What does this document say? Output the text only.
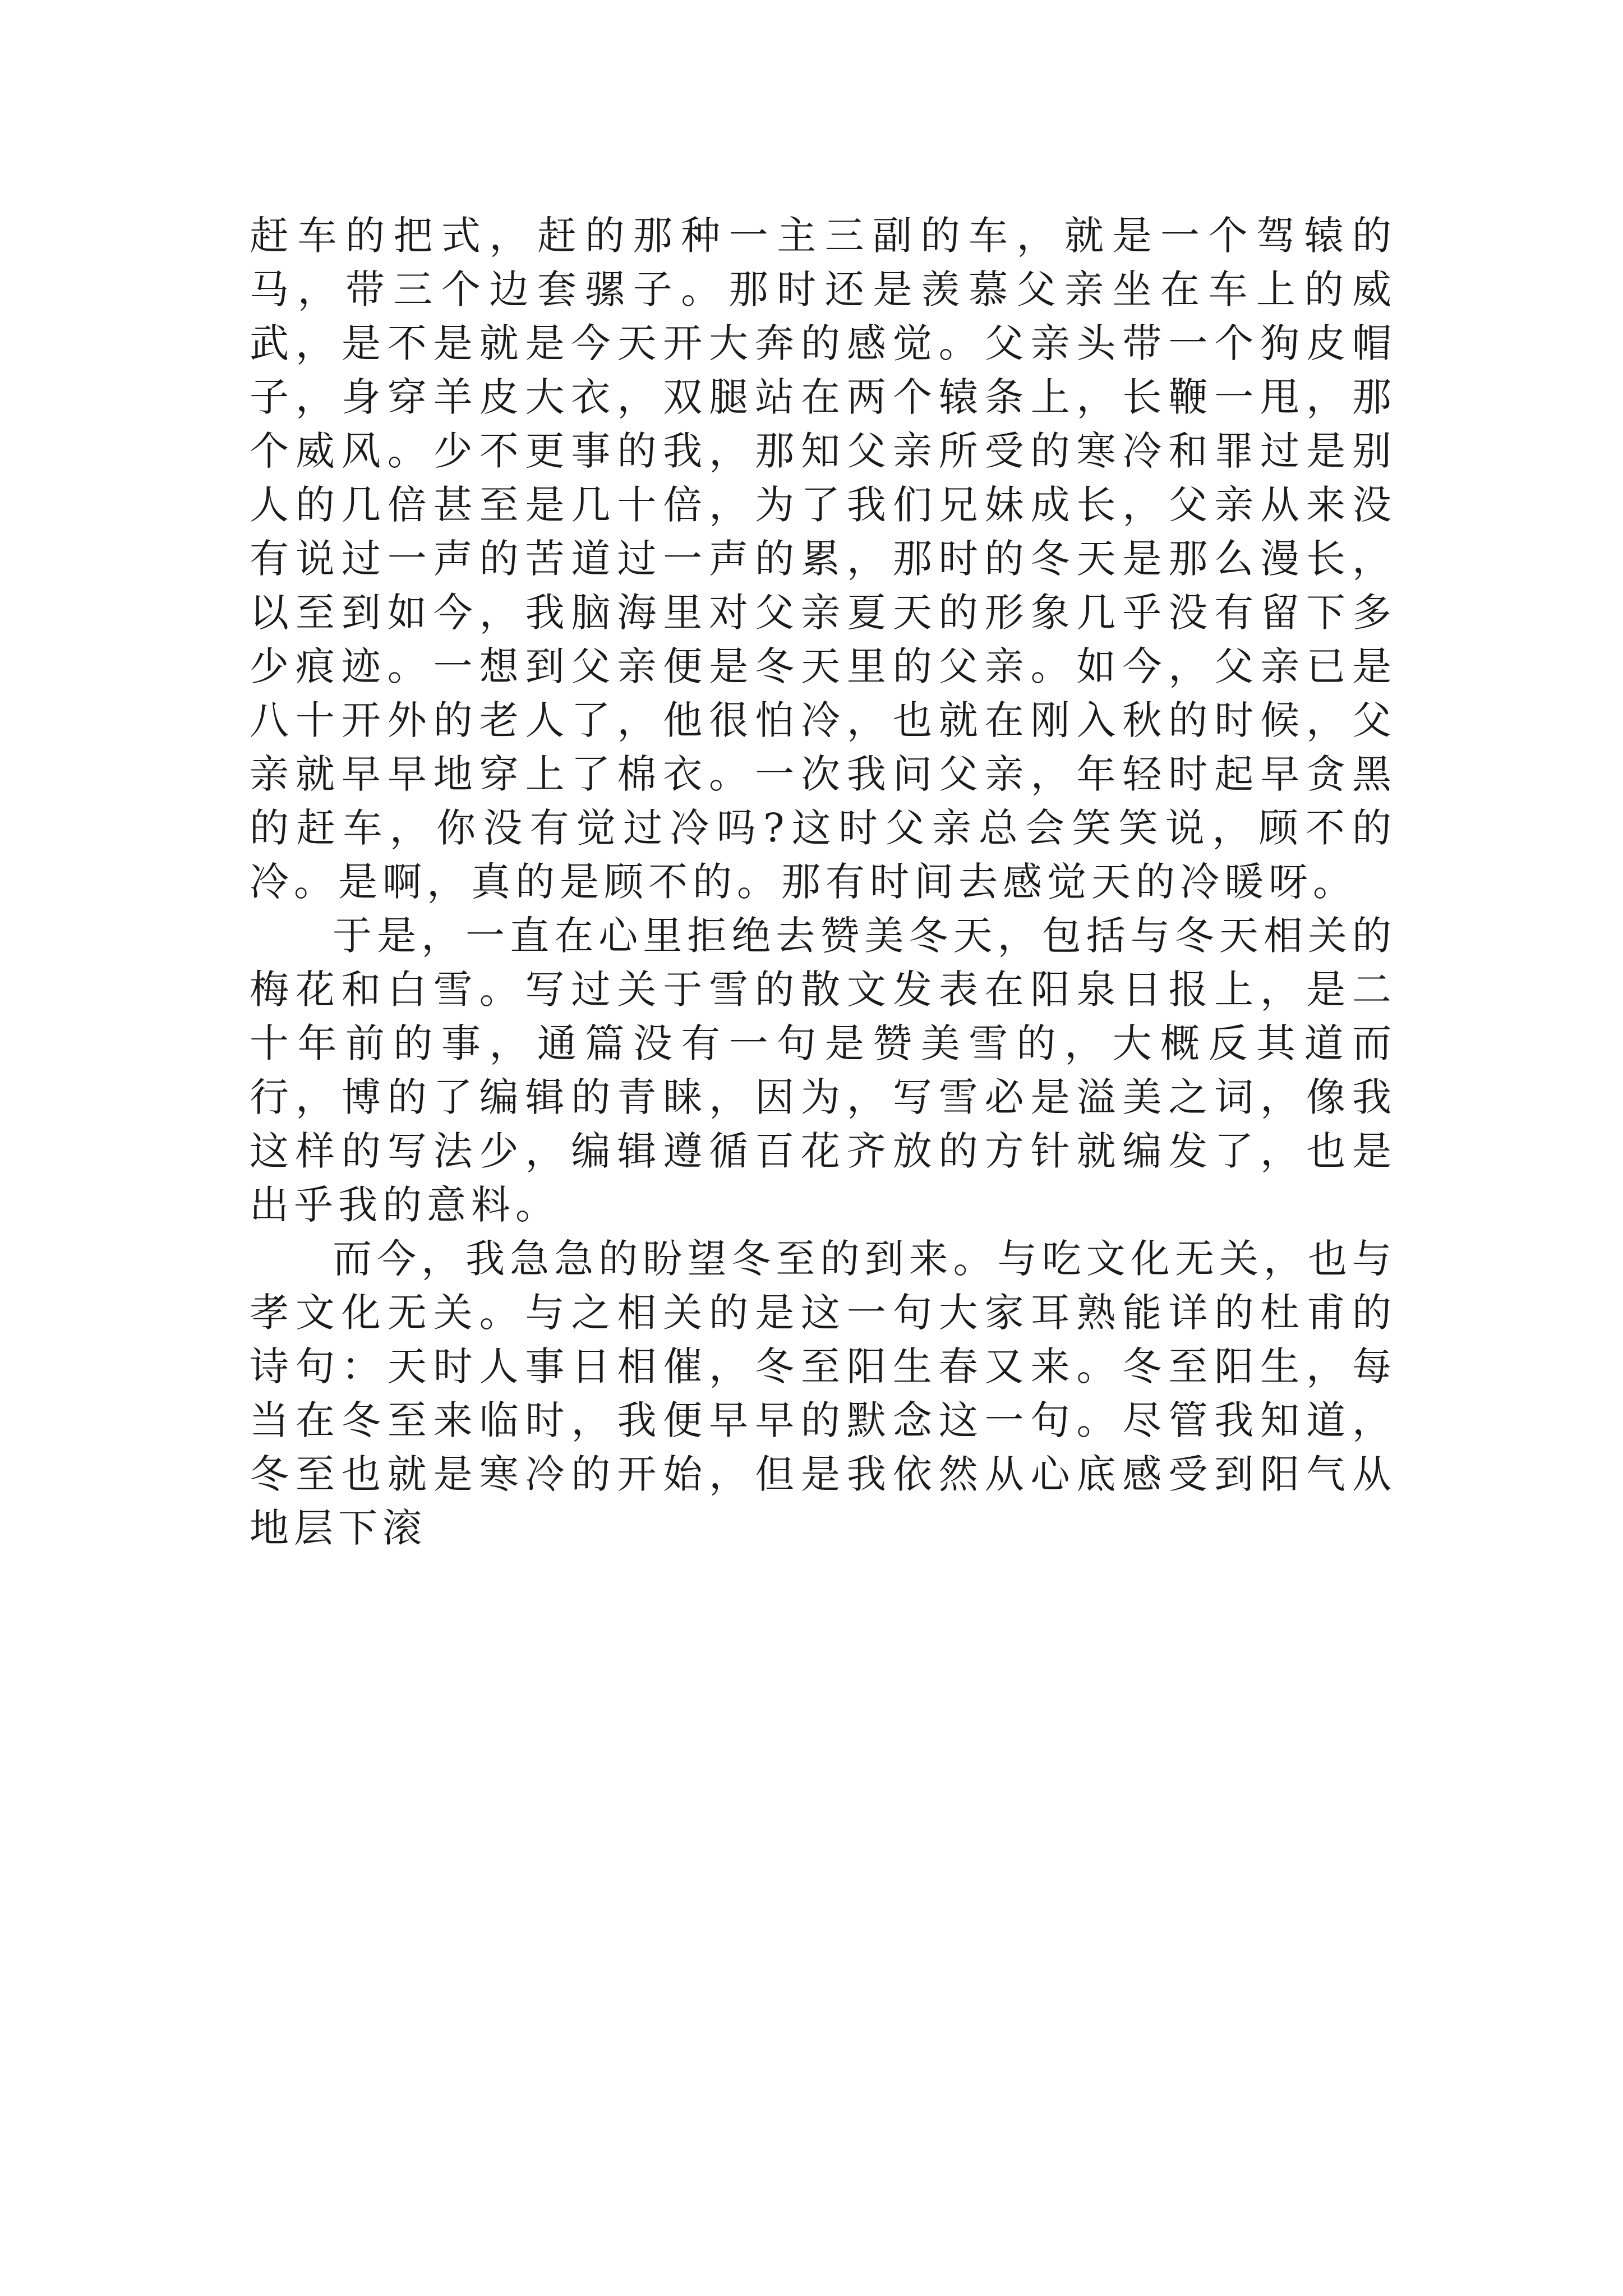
赶车的把式，赶的那种一主三副的车，就是一个驾辕的马，带三个边套骡子。那时还是羡慕父亲坐在车上的威武，是不是就是今天开大奔的感觉。父亲头带一个狗皮帽子，身穿羊皮大衣，双腿站在两个辕条上，长鞭一甩，那个威风。少不更事的我，那知父亲所受的寒冷和罪过是别人的几倍甚至是几十倍，为了我们兄妹成长，父亲从来没有说过一声的苦道过一声的累，那时的冬天是那么漫长，以至到如今，我脑海里对父亲夏天的形象几乎没有留下多少痕迹。一想到父亲便是冬天里的父亲。如今，父亲已是八十开外的老人了，他很怕冷，也就在刚入秋的时候，父亲就早早地穿上了棉衣。一次我问父亲，年轻时起早贪黑的赶车，你没有觉过冷吗?这时父亲总会笑笑说，顾不的冷。是啊，真的是顾不的。那有时间去感觉天的冷暖呀。

于是，一直在心里拒绝去赞美冬天，包括与冬天相关的梅花和白雪。写过关于雪的散文发表在阳泉日报上，是二十年前的事，通篇没有一句是赞美雪的，大概反其道而行，博的了编辑的青睐，因为，写雪必是溢美之词，像我这样的写法少，编辑遵循百花齐放的方针就编发了，也是出乎我的意料。

而今，我急急的盼望冬至的到来。与吃文化无关，也与孝文化无关。与之相关的是这一句大家耳熟能详的杜甫的诗句：天时人事日相催，冬至阳生春又来。冬至阳生，每当在冬至来临时，我便早早的默念这一句。尽管我知道，冬至也就是寒冷的开始，但是我依然从心底感受到阳气从地层下滚
